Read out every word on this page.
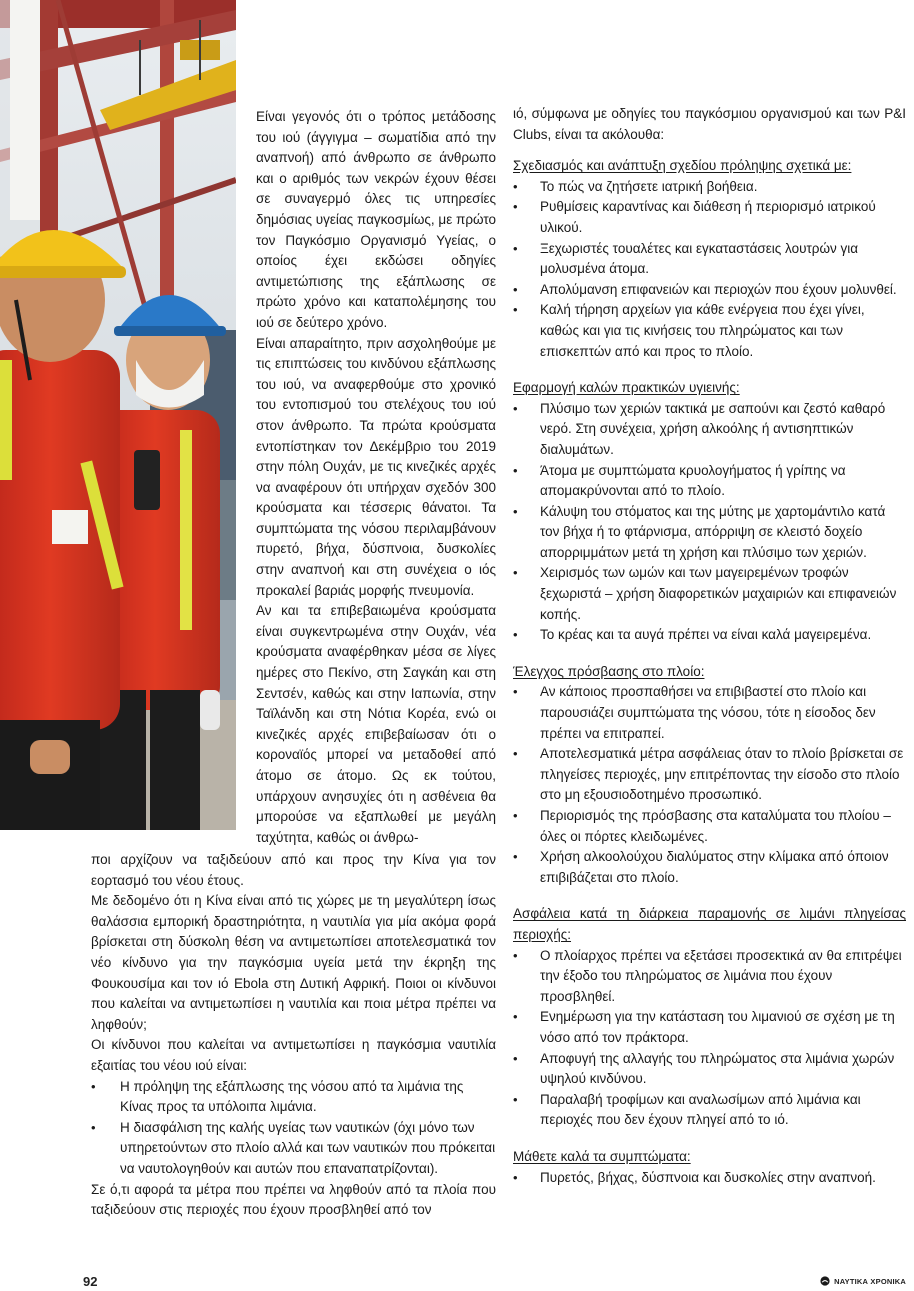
Είναι γεγονός ότι ο τρόπος μετάδοσης του ιού (άγγιγμα – σωματίδια από την αναπνοή) από άνθρωπο σε άνθρωπο και ο αριθμός των νεκρών έχουν θέσει σε συναγερμό όλες τις υπηρεσίες δημόσιας υγείας παγκοσμίως, με πρώτο τον Παγκόσμιο Οργανισμό Υγείας, ο οποίος έχει εκδώσει οδηγίες αντιμετώπισης της εξάπλωσης σε πρώτο χρόνο και καταπολέμησης του ιού σε δεύτερο χρόνο.

Είναι απαραίτητο, πριν ασχοληθούμε με τις επιπτώσεις του κινδύνου εξάπλωσης του ιού, να αναφερθούμε στο χρονικό του εντοπισμού του στελέχους του ιού στον άνθρωπο. Τα πρώτα κρούσματα εντοπίστηκαν τον Δεκέμβριο του 2019 στην πόλη Ουχάν, με τις κινεζικές αρχές να αναφέρουν ότι υπήρχαν σχεδόν 300 κρούσματα και τέσσερις θάνατοι. Τα συμπτώματα της νόσου περιλαμβάνουν πυρετό, βήχα, δύσπνοια, δυσκολίες στην αναπνοή και στη συνέχεια ο ιός προκαλεί βαριάς μορφής πνευμονία.

Αν και τα επιβεβαιωμένα κρούσματα είναι συγκεντρωμένα στην Ουχάν, νέα κρούσματα αναφέρθηκαν μέσα σε λίγες ημέρες στο Πεκίνο, στη Σαγκάη και στη Σεντσέν, καθώς και στην Ιαπωνία, στην Ταϊλάνδη και στη Νότια Κορέα, ενώ οι κινεζικές αρχές επιβεβαίωσαν ότι ο κοροναϊός μπορεί να μεταδοθεί από άτομο σε άτομο. Ως εκ τούτου, υπάρχουν ανησυχίες ότι η ασθένεια θα μπορούσε να εξαπλωθεί με μεγάλη ταχύτητα, καθώς οι άνθρω-

ποι αρχίζουν να ταξιδεύουν από και προς την Κίνα για τον εορτασμό του νέου έτους.

Με δεδομένο ότι η Κίνα είναι από τις χώρες με τη μεγαλύτερη ίσως θαλάσσια εμπορική δραστηριότητα, η ναυτιλία για μία ακόμα φορά βρίσκεται στη δύσκολη θέση να αντιμετωπίσει αποτελεσματικά τον νέο κίνδυνο για την παγκόσμια υγεία μετά την έκρηξη της Φουκουσίμα και τον ιό Ebola στη Δυτική Αφρική. Ποιοι οι κίνδυνοι που καλείται να αντιμετωπίσει η ναυτιλία και ποια μέτρα πρέπει να ληφθούν;

Οι κίνδυνοι που καλείται να αντιμετωπίσει η παγκόσμια ναυτιλία εξαιτίας του νέου ιού είναι:

• Η πρόληψη της εξάπλωσης της νόσου από τα λιμάνια της Κίνας προς τα υπόλοιπα λιμάνια.
• Η διασφάλιση της καλής υγείας των ναυτικών (όχι μόνο των υπηρετούντων στο πλοίο αλλά και των ναυτικών που πρόκειται να ναυτολογηθούν και αυτών που επαναπατρίζονται).

Σε ό,τι αφορά τα μέτρα που πρέπει να ληφθούν από τα πλοία που ταξιδεύουν στις περιοχές που έχουν προσβληθεί από τον

ιό, σύμφωνα με οδηγίες του παγκόσμιου οργανισμού και των P&I Clubs, είναι τα ακόλουθα:

Σχεδιασμός και ανάπτυξη σχεδίου πρόληψης σχετικά με:

• Το πώς να ζητήσετε ιατρική βοήθεια.
• Ρυθμίσεις καραντίνας και διάθεση ή περιορισμό ιατρικού υλικού.
• Ξεχωριστές τουαλέτες και εγκαταστάσεις λουτρών για μολυσμένα άτομα.
• Απολύμανση επιφανειών και περιοχών που έχουν μολυνθεί.
• Καλή τήρηση αρχείων για κάθε ενέργεια που έχει γίνει, καθώς και για τις κινήσεις του πληρώματος και των επισκεπτών από και προς το πλοίο.

Εφαρμογή καλών πρακτικών υγιεινής:

• Πλύσιμο των χεριών τακτικά με σαπούνι και ζεστό καθαρό νερό. Στη συνέχεια, χρήση αλκοόλης ή αντισηπτικών διαλυμάτων.
• Άτομα με συμπτώματα κρυολογήματος ή γρίπης να απομακρύνονται από το πλοίο.
• Κάλυψη του στόματος και της μύτης με χαρτομάντιλο κατά τον βήχα ή το φτάρνισμα, απόρριψη σε κλειστό δοχείο απορριμμάτων μετά τη χρήση και πλύσιμο των χεριών.
• Χειρισμός των ωμών και των μαγειρεμένων τροφών ξεχωριστά – χρήση διαφορετικών μαχαιριών και επιφανειών κοπής.
• Το κρέας και τα αυγά πρέπει να είναι καλά μαγειρεμένα.

Έλεγχος πρόσβασης στο πλοίο:

• Αν κάποιος προσπαθήσει να επιβιβαστεί στο πλοίο και παρουσιάζει συμπτώματα της νόσου, τότε η είσοδος δεν πρέπει να επιτραπεί.
• Αποτελεσματικά μέτρα ασφάλειας όταν το πλοίο βρίσκεται σε πληγείσες περιοχές, μην επιτρέποντας την είσοδο στο πλοίο στο μη εξουσιοδοτημένο προσωπικό.
• Περιορισμός της πρόσβασης στα καταλύματα του πλοίου – όλες οι πόρτες κλειδωμένες.
• Χρήση αλκοολούχου διαλύματος στην κλίμακα από όποιον επιβιβάζεται στο πλοίο.

Ασφάλεια κατά τη διάρκεια παραμονής σε λιμάνι πληγείσας περιοχής:

• Ο πλοίαρχος πρέπει να εξετάσει προσεκτικά αν θα επιτρέψει την έξοδο του πληρώματος σε λιμάνια που έχουν προσβληθεί.
• Ενημέρωση για την κατάσταση του λιμανιού σε σχέση με τη νόσο από τον πράκτορα.
• Αποφυγή της αλλαγής του πληρώματος στα λιμάνια χωρών υψηλού κινδύνου.
• Παραλαβή τροφίμων και αναλωσίμων από λιμάνια και περιοχές που δεν έχουν πληγεί από το ιό.

Μάθετε καλά τα συμπτώματα:

• Πυρετός, βήχας, δύσπνοια και δυσκολίες στην αναπνοή.
92	ΝΑΥΤΙΚΑ ΧΡΟΝΙΚΑ
